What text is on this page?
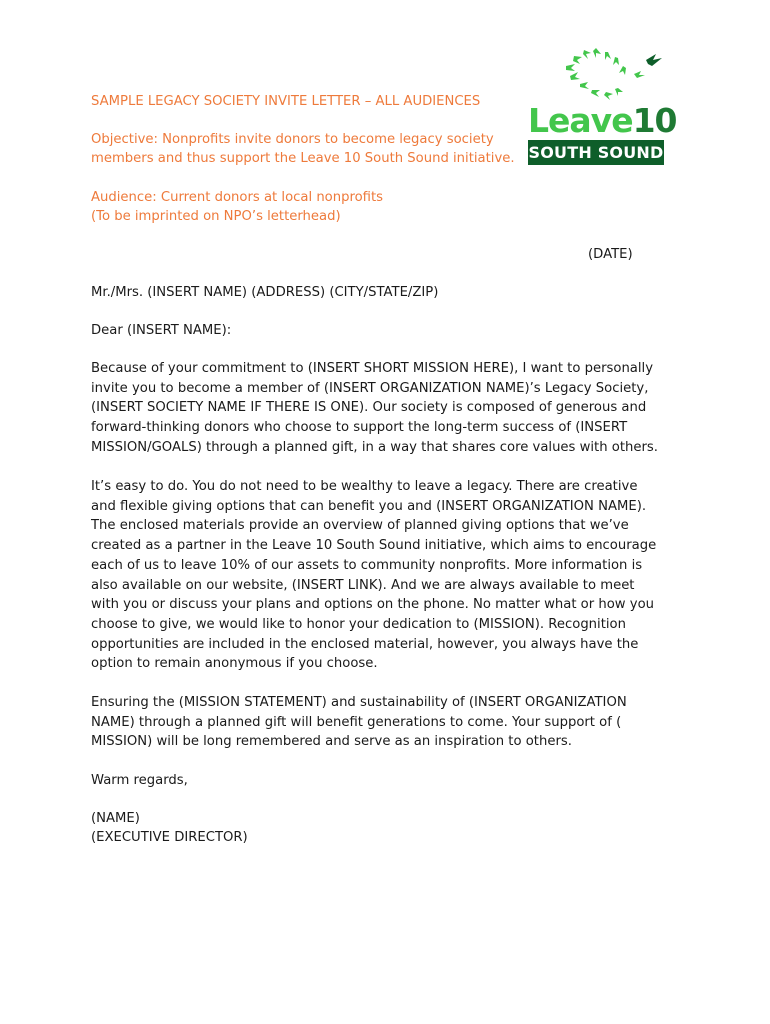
Leave10
SOUTH SOUND
SAMPLE LEGACY SOCIETY INVITE LETTER – ALL AUDIENCES
Objective: Nonprofits invite donors to become legacy society
members and thus support the Leave 10 South Sound initiative.
Audience: Current donors at local nonprofits
(To be imprinted on NPO’s letterhead)
(DATE)
Mr./Mrs. (INSERT NAME) (ADDRESS) (CITY/STATE/ZIP)
Dear (INSERT NAME):

Because of your commitment to (INSERT SHORT MISSION HERE), I want to personally

invite you to become a member of (INSERT ORGANIZATION NAME)’s Legacy Society,

(INSERT SOCIETY NAME IF THERE IS ONE). Our society is composed of generous and

forward-thinking donors who choose to support the long-term success of (INSERT

MISSION/GOALS) through a planned gift, in a way that shares core values with others.

It’s easy to do. You do not need to be wealthy to leave a legacy. There are creative

and flexible giving options that can benefit you and (INSERT ORGANIZATION NAME).

The enclosed materials provide an overview of planned giving options that we’ve

created as a partner in the Leave 10 South Sound initiative, which aims to encourage

each of us to leave 10% of our assets to community nonprofits. More information is

also available on our website, (INSERT LINK). And we are always available to meet

with you or discuss your plans and options on the phone. No matter what or how you

choose to give, we would like to honor your dedication to (MISSION). Recognition

opportunities are included in the enclosed material, however, you always have the

option to remain anonymous if you choose.

Ensuring the (MISSION STATEMENT) and sustainability of (INSERT ORGANIZATION

NAME) through a planned gift will benefit generations to come. Your support of (

MISSION) will be long remembered and serve as an inspiration to others.

Warm regards,
(NAME)
(EXECUTIVE DIRECTOR)
